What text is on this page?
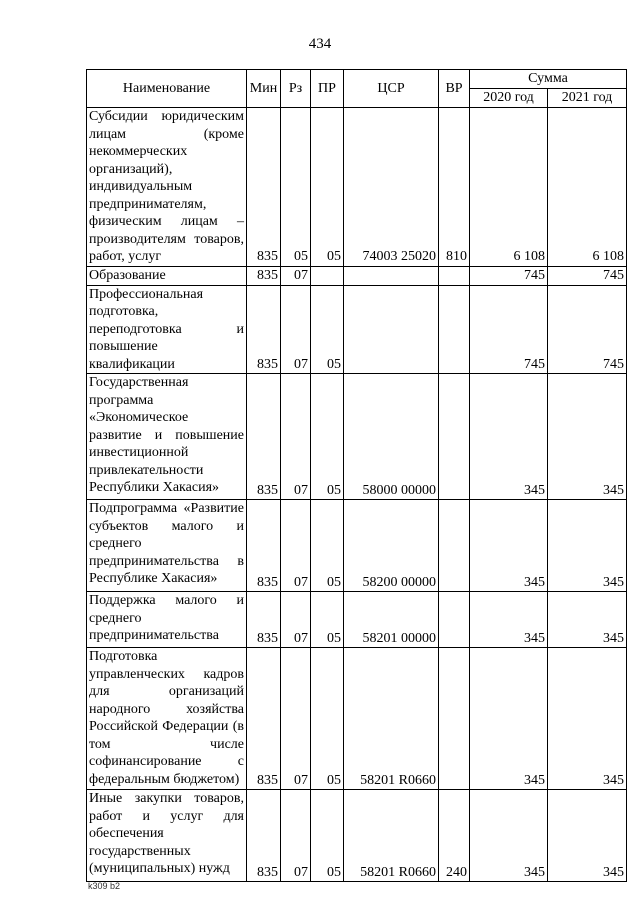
434
Наименование	Мин	Рз	ПР	ЦСР	ВР	Сумма	
						2020 год	2021 год
Субсидии юридическим лицам (кроме некоммерческих организаций), индивидуальным предпринимателям, физическим лицам – производителям товаров, работ, услуг	835	05	05	74003 25020	810	6 108	6 108
Образование	835	07				745	745
Профессиональная подготовка, переподготовка и повышение квалификации	835	07	05			745	745
Государственная программа «Экономическое развитие и повышение инвестиционной привлекательности Республики Хакасия»	835	07	05	58000 00000		345	345
Подпрограмма «Развитие субъектов малого и среднего предпринимательства в Республике Хакасия»	835	07	05	58200 00000		345	345
Поддержка малого и среднего предпринимательства	835	07	05	58201 00000		345	345
Подготовка управленческих кадров для организаций народного хозяйства Российской Федерации (в том числе софинансирование с федеральным бюджетом)	835	07	05	58201 R0660		345	345
Иные закупки товаров, работ и услуг для обеспечения государственных (муниципальных) нужд	835	07	05	58201 R0660	240	345	345
k309 b2
